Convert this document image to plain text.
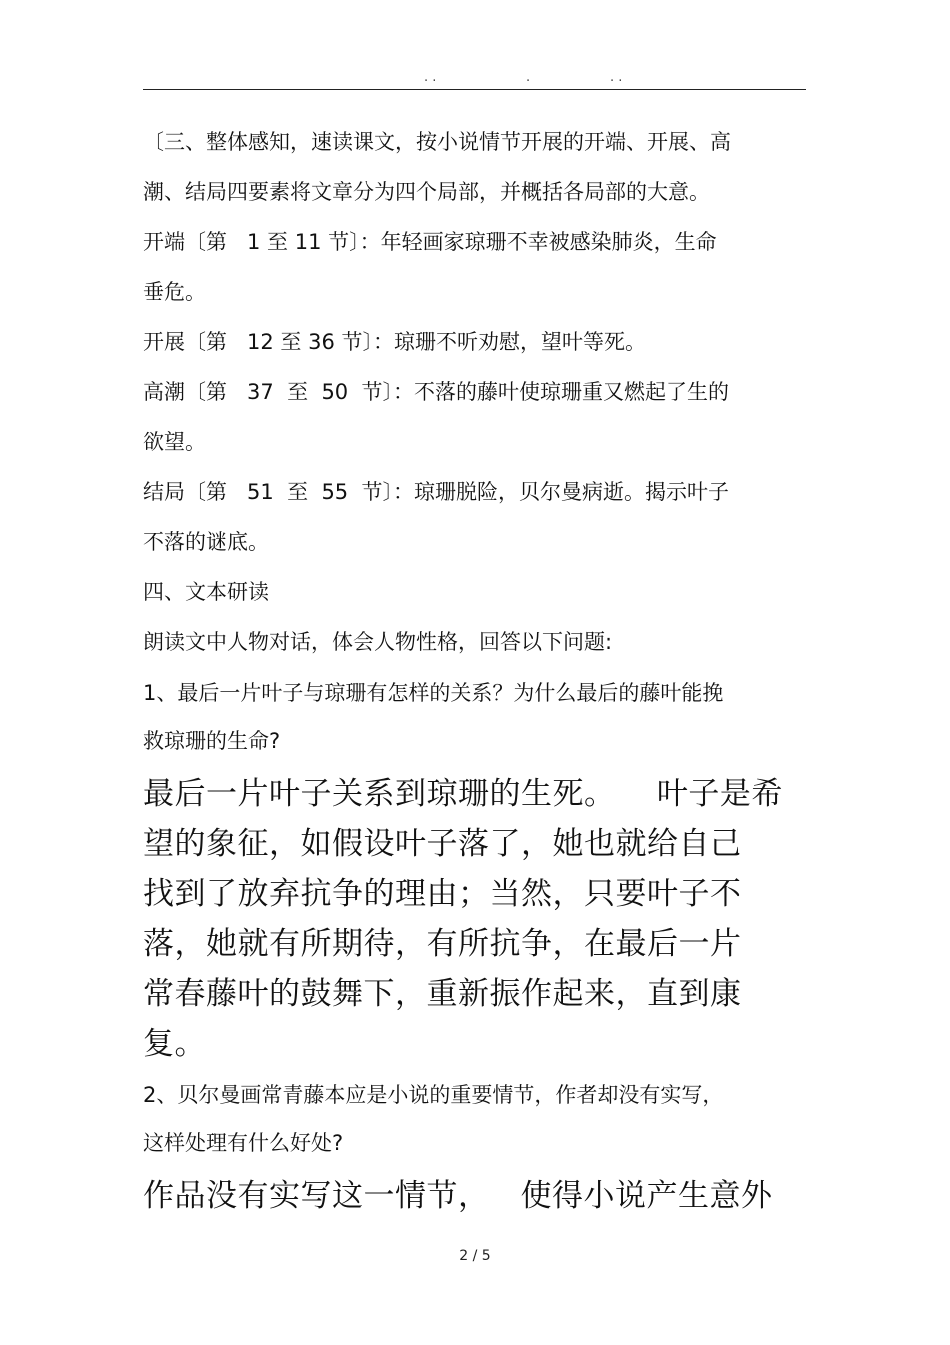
. .	.	. .

〔三、整体感知，速读课文，按小说情节开展的开端、开展、高

潮、结局四要素将文章分为四个局部，并概括各局部的大意。

开端〔第   1 至 11 节〕：年轻画家琼珊不幸被感染肺炎，生命

垂危。

开展〔第   12 至 36 节〕：琼珊不听劝慰，望叶等死。

高潮〔第   37  至  50  节〕：不落的藤叶使琼珊重又燃起了生的

欲望。

结局〔第   51  至  55  节〕：琼珊脱险，贝尔曼病逝。揭示叶子

不落的谜底。

四、文本研读

朗读文中人物对话，体会人物性格，回答以下问题:

1、最后一片叶子与琼珊有怎样的关系？为什么最后的藤叶能挽

救琼珊的生命?

最后一片叶子关系到琼珊的生死。    叶子是希

望的象征，如假设叶子落了，她也就给自己

找到了放弃抗争的理由；当然，只要叶子不

落，她就有所期待，有所抗争，在最后一片

常春藤叶的鼓舞下，重新振作起来，直到康

复。

2、贝尔曼画常青藤本应是小说的重要情节，作者却没有实写，

这样处理有什么好处?

作品没有实写这一情节，   使得小说产生意外

2 / 5
